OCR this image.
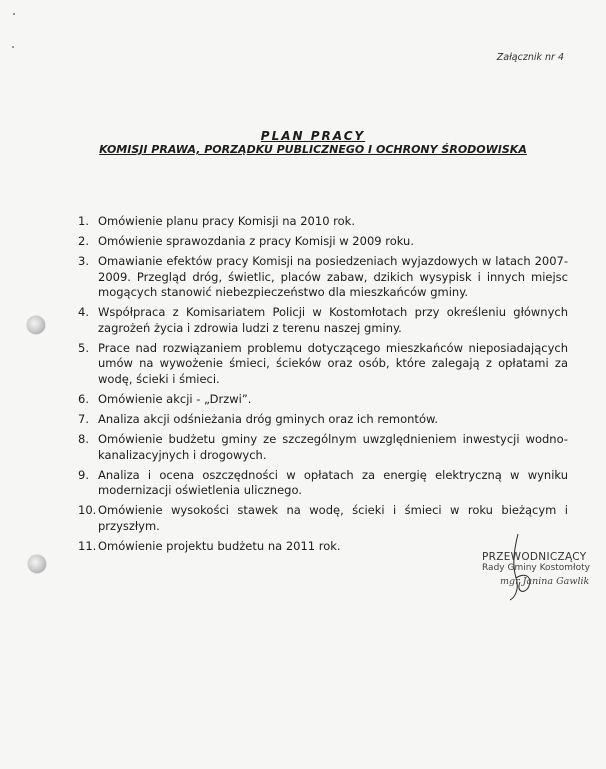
Załącznik nr 4
PLAN PRACY
KOMISJI PRAWA, PORZĄDKU PUBLICZNEGO I OCHRONY ŚRODOWISKA
1. Omówienie planu pracy Komisji na 2010 rok.
2. Omówienie sprawozdania z pracy Komisji w 2009 roku.
3. Omawianie efektów pracy Komisji na posiedzeniach wyjazdowych w latach 2007-2009. Przegląd dróg, świetlic, placów zabaw, dzikich wysypisk i innych miejsc mogących stanowić niebezpieczeństwo dla mieszkańców gminy.
4. Współpraca z Komisariatem Policji w Kostomłotach przy określeniu głównych zagrożeń życia i zdrowia ludzi z terenu naszej gminy.
5. Prace nad rozwiązaniem problemu dotyczącego mieszkańców nieposiadających umów na wywożenie śmieci, ścieków oraz osób, które zalegają z opłatami za wodę, ścieki i śmieci.
6. Omówienie akcji - „Drzwi”.
7. Analiza akcji odśnieżania dróg gminych oraz ich remontów.
8. Omówienie budżetu gminy ze szczególnym uwzględnieniem inwestycji wodno-kanalizacyjnych i drogowych.
9. Analiza i ocena oszczędności w opłatach za energię elektryczną w wyniku modernizacji oświetlenia ulicznego.
10. Omówienie wysokości stawek na wodę, ścieki i śmieci w roku bieżącym i przyszłym.
11. Omówienie projektu budżetu na 2011 rok.
PRZEWODNICZĄCY
Rady Gminy Kostomłoty
mgr Janina Gawlik
